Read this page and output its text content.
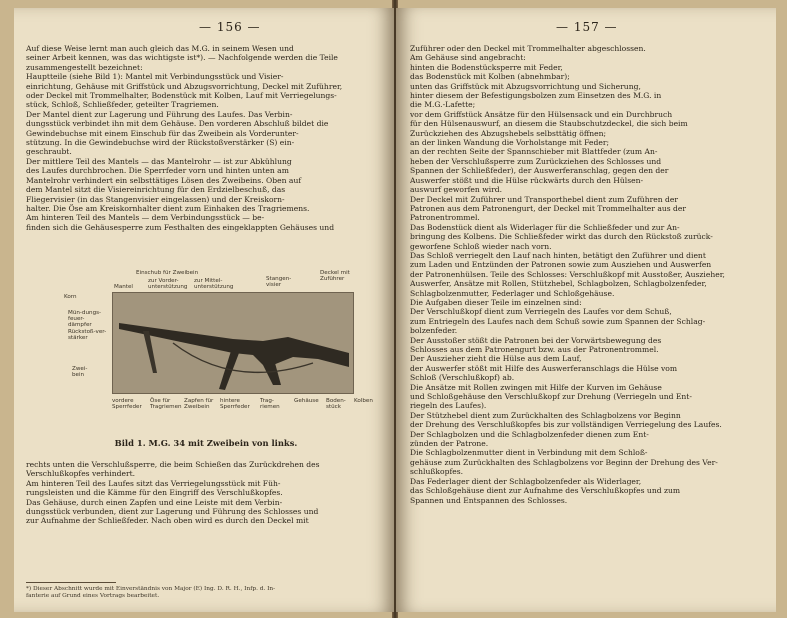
— 156 —
Auf diese Weise lernt man auch gleich das M.G. in seinem Wesen und
seiner Arbeit kennen, was das wichtigste ist*). — Nachfolgende werden die Teile
zusammengestellt bezeichnet:
Hauptteile (siehe Bild 1): Mantel mit Verbindungsstück und Visier-
einrichtung, Gehäuse mit Griffstück und Abzugsvorrichtung, Deckel mit Zuführer,
oder Deckel mit Trommelhalter, Bodenstück mit Kolben, Lauf mit Verriegelungs-
stück, Schloß, Schließfeder, geteilter Tragriemen.
Der Mantel dient zur Lagerung und Führung des Laufes. Das Verbin-
dungsstück verbindet ihn mit dem Gehäuse. Den vorderen Abschluß bildet die
Gewindebuchse mit einem Einschub für das Zweibein als Vorderunter-
stützung. In die Gewindebuchse wird der Rückstoßverstärker (S) ein-
geschraubt.
Der mittlere Teil des Mantels — das Mantelrohr — ist zur Abkühlung
des Laufes durchbrochen. Die Sperrfeder vorn und hinten unten am
Mantelrohr verhindert ein selbsttätiges Lösen des Zweibeins. Oben auf
dem Mantel sitzt die Visiereinrichtung für den Erdzielbeschuß, das
Fliegervisier (in das Stangenvisier eingelassen) und der Kreiskorn-
halter. Die Öse am Kreiskornhalter dient zum Einhaken des Tragriemens.
Am hinteren Teil des Mantels — dem Verbindungsstück — be-
finden sich die Gehäusesperre zum Festhalten des eingeklappten Gehäuses und
Einschub für Zweibein
zur Vorder-unterstützung
zur Mittel-unterstützung
Stangen-visier
Deckel mit Zuführer
Mantel
Korn
Mün-dungs-feuer-dämpfer Rückstoß-ver-stärker
Zwei-bein
vordere Sperrfeder
Öse für Tragriemen
Zapfen für Zweibein
hintere Sperrfeder
Trag-riemen
Gehäuse Boden-stück
Kolben
Bild 1. M.G. 34 mit Zweibein von links.
rechts unten die Verschlußsperre, die beim Schießen das Zurückdrehen des
Verschlußkopfes verhindert.
Am hinteren Teil des Laufes sitzt das Verriegelungsstück mit Füh-
rungsleisten und die Kämme für den Eingriff des Verschlußkopfes.
Das Gehäuse, durch einen Zapfen und eine Leiste mit dem Verbin-
dungsstück verbunden, dient zur Lagerung und Führung des Schlosses und
zur Aufnahme der Schließfeder. Nach oben wird es durch den Deckel mit
*) Dieser Abschnitt wurde mit Einverständnis von Major (E) Ing. D. R. H., Infp. d. In-
fanterie auf Grund eines Vortrags bearbeitet.
— 157 —
Zuführer oder den Deckel mit Trommelhalter abgeschlossen.
Am Gehäuse sind angebracht:
hinten die Bodenstücksperre mit Feder,
das Bodenstück mit Kolben (abnehmbar);
unten das Griffstück mit Abzugsvorrichtung und Sicherung,
hinter diesem der Befestigungsbolzen zum Einsetzen des M.G. in
die M.G.-Lafette;
vor dem Griffstück Ansätze für den Hülsensack und ein Durchbruch
für den Hülsenauswurf, an diesem die Staubschutzdeckel, die sich beim
Zurückziehen des Abzugshebels selbsttätig öffnen;
an der linken Wandung die Vorholstange mit Feder;
an der rechten Seite der Spannschieber mit Blattfeder (zum An-
heben der Verschlußsperre zum Zurückziehen des Schlosses und
Spannen der Schließfeder), der Auswerferanschlag, gegen den der
Auswerfer stößt und die Hülse rückwärts durch den Hülsen-
auswurf geworfen wird.
Der Deckel mit Zuführer und Transporthebel dient zum Zuführen der
Patronen aus dem Patronengurt, der Deckel mit Trommelhalter aus der
Patronentrommel.
Das Bodenstück dient als Widerlager für die Schließfeder und zur An-
bringung des Kolbens. Die Schließfeder wirkt das durch den Rückstoß zurück-
geworfene Schloß wieder nach vorn.
Das Schloß verriegelt den Lauf nach hinten, betätigt den Zuführer und dient
zum Laden und Entzünden der Patronen sowie zum Ausziehen und Auswerfen
der Patronenhülsen. Teile des Schlosses: Verschlußkopf mit Ausstoßer, Auszieher,
Auswerfer, Ansätze mit Rollen, Stützhebel, Schlagbolzen, Schlagbolzenfeder,
Schlagbolzenmutter, Federlager und Schloßgehäuse.
Die Aufgaben dieser Teile im einzelnen sind:
Der Verschlußkopf dient zum Verriegeln des Laufes vor dem Schuß,
zum Entriegeln des Laufes nach dem Schuß sowie zum Spannen der Schlag-
bolzenfeder.
Der Ausstoßer stößt die Patronen bei der Vorwärtsbewegung des
Schlosses aus dem Patronengurt bzw. aus der Patronentrommel.
Der Auszieher zieht die Hülse aus dem Lauf,
der Auswerfer stößt mit Hilfe des Auswerferanschlags die Hülse vom
Schloß (Verschlußkopf) ab.
Die Ansätze mit Rollen zwingen mit Hilfe der Kurven im Gehäuse
und Schloßgehäuse den Verschlußkopf zur Drehung (Verriegeln und Ent-
riegeln des Laufes).
Der Stützhebel dient zum Zurückhalten des Schlagbolzens vor Beginn
der Drehung des Verschlußkopfes bis zur vollständigen Verriegelung des Laufes.
Der Schlagbolzen und die Schlagbolzenfeder dienen zum Ent-
zünden der Patrone.
Die Schlagbolzenmutter dient in Verbindung mit dem Schloß-
gehäuse zum Zurückhalten des Schlagbolzens vor Beginn der Drehung des Ver-
schlußkopfes.
Das Federlager dient der Schlagbolzenfeder als Widerlager,
das Schloßgehäuse dient zur Aufnahme des Verschlußkopfes und zum
Spannen und Entspannen des Schlosses.
